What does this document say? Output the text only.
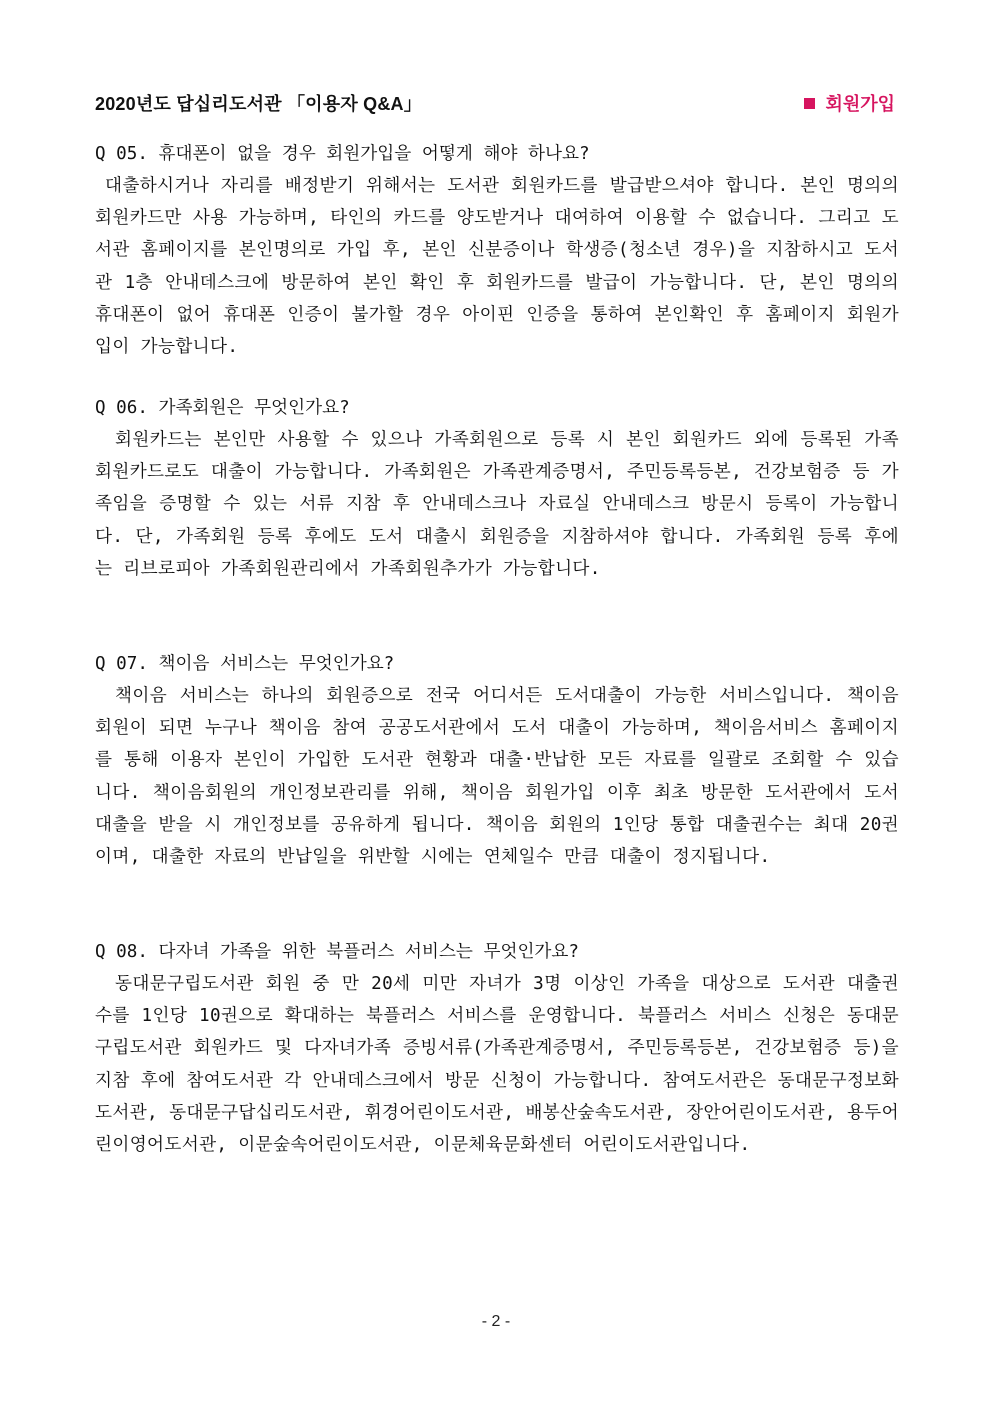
2020년도 답십리도서관 「이용자 Q&A」	회원가입

Q 05. 휴대폰이 없을 경우 회원가입을 어떻게 해야 하나요?

대출하시거나 자리를 배정받기 위해서는 도서관 회원카드를 발급받으셔야 합니다. 본인 명의의 회원카드만 사용 가능하며, 타인의 카드를 양도받거나 대여하여 이용할 수 없습니다. 그리고 도서관 홈페이지를 본인명의로 가입 후, 본인 신분증이나 학생증(청소년 경우)을 지참하시고 도서관 1층 안내데스크에 방문하여 본인 확인 후 회원카드를 발급이 가능합니다. 단, 본인 명의의 휴대폰이 없어 휴대폰 인증이 불가할 경우 아이핀 인증을 통하여 본인확인 후 홈페이지 회원가입이 가능합니다.

Q 06. 가족회원은 무엇인가요?

회원카드는 본인만 사용할 수 있으나 가족회원으로 등록 시 본인 회원카드 외에 등록된 가족 회원카드로도 대출이 가능합니다. 가족회원은 가족관계증명서, 주민등록등본, 건강보험증 등 가족임을 증명할 수 있는 서류 지참 후 안내데스크나 자료실 안내데스크 방문시 등록이 가능합니다. 단, 가족회원 등록 후에도 도서 대출시 회원증을 지참하셔야 합니다. 가족회원 등록 후에는 리브로피아 가족회원관리에서 가족회원추가가 가능합니다.

Q 07. 책이음 서비스는 무엇인가요?

책이음 서비스는 하나의 회원증으로 전국 어디서든 도서대출이 가능한 서비스입니다. 책이음 회원이 되면 누구나 책이음 참여 공공도서관에서 도서 대출이 가능하며, 책이음서비스 홈페이지를 통해 이용자 본인이 가입한 도서관 현황과 대출·반납한 모든 자료를 일괄로 조회할 수 있습니다. 책이음회원의 개인정보관리를 위해, 책이음 회원가입 이후 최초 방문한 도서관에서 도서 대출을 받을 시 개인정보를 공유하게 됩니다. 책이음 회원의 1인당 통합 대출권수는 최대 20권이며, 대출한 자료의 반납일을 위반할 시에는 연체일수 만큼 대출이 정지됩니다.

Q 08. 다자녀 가족을 위한 북플러스 서비스는 무엇인가요?

동대문구립도서관 회원 중 만 20세 미만 자녀가 3명 이상인 가족을 대상으로 도서관 대출권수를 1인당 10권으로 확대하는 북플러스 서비스를 운영합니다. 북플러스 서비스 신청은 동대문구립도서관 회원카드 및 다자녀가족 증빙서류(가족관계증명서, 주민등록등본, 건강보험증 등)을 지참 후에 참여도서관 각 안내데스크에서 방문 신청이 가능합니다. 참여도서관은 동대문구정보화도서관, 동대문구답십리도서관, 휘경어린이도서관, 배봉산숲속도서관, 장안어린이도서관, 용두어린이영어도서관, 이문숲속어린이도서관, 이문체육문화센터 어린이도서관입니다.

- 2 -
